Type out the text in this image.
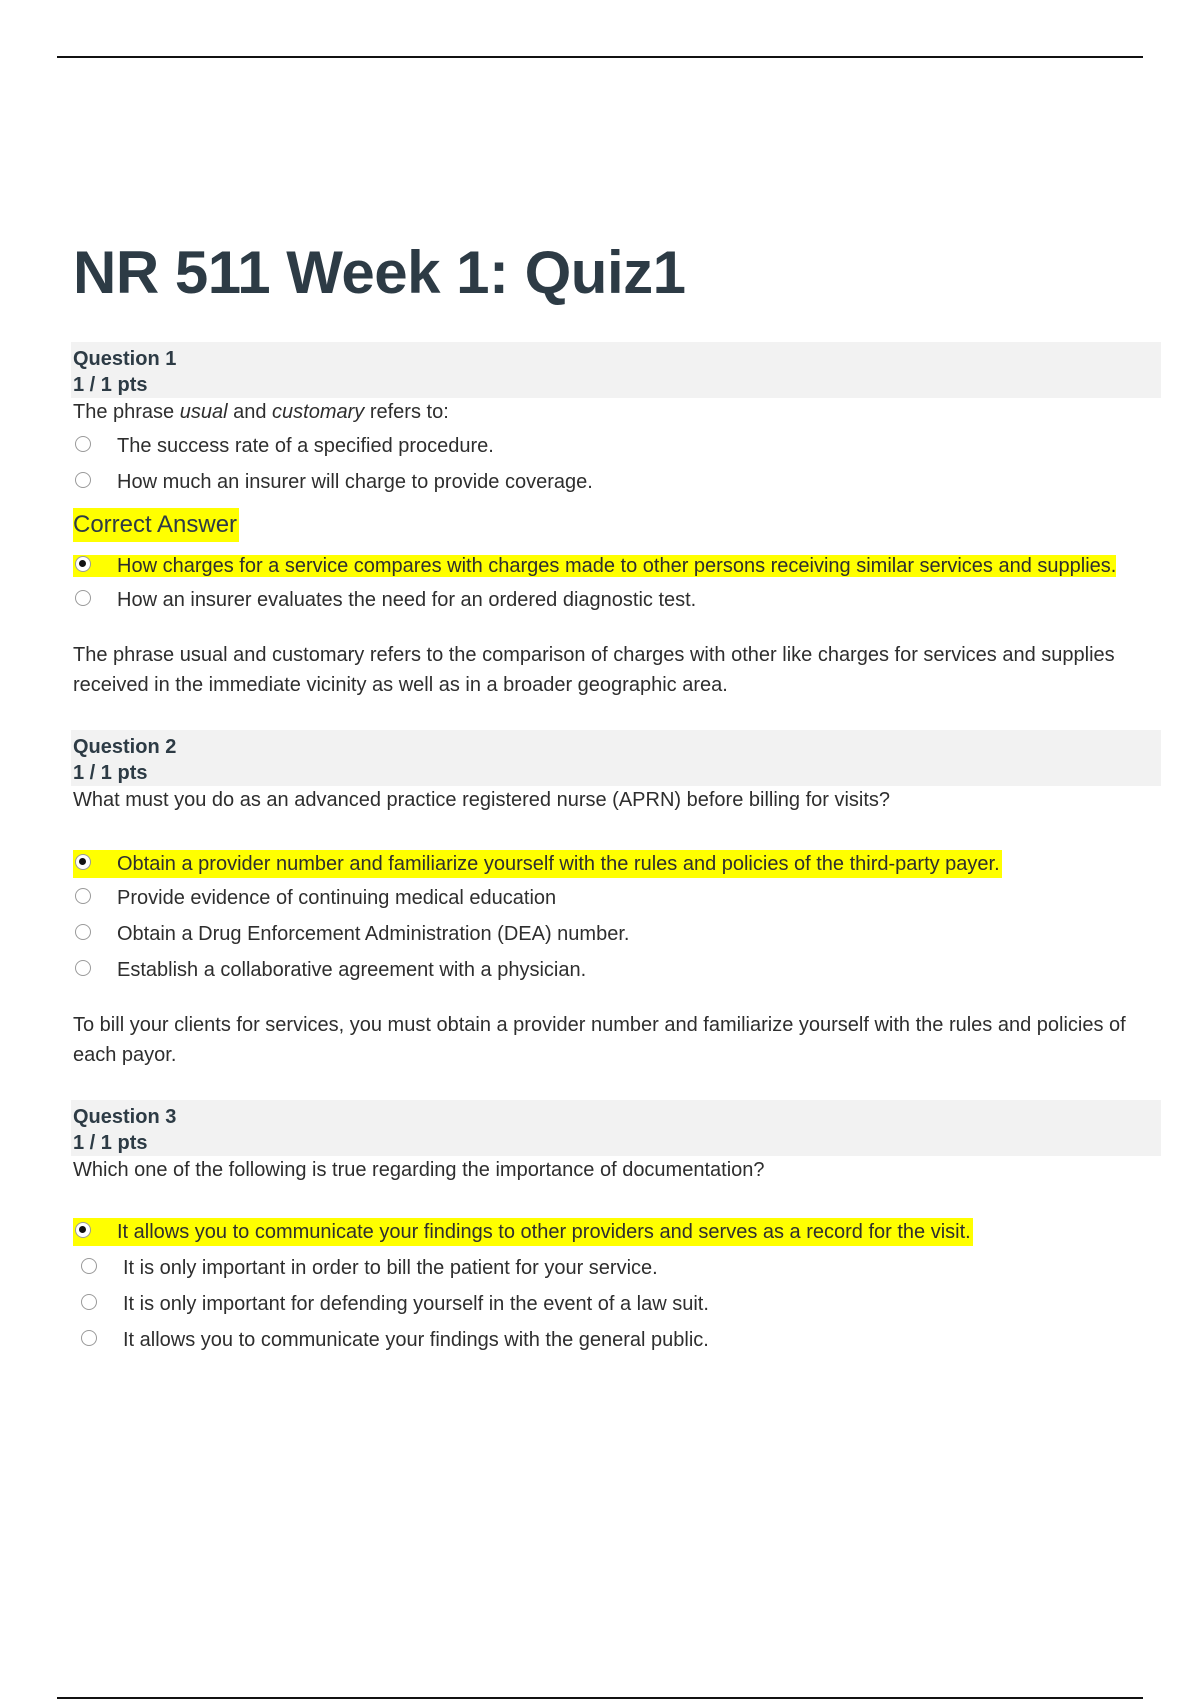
NR 511 Week 1: Quiz1
Question 1
1 / 1 pts
The phrase usual and customary refers to:
The success rate of a specified procedure.
How much an insurer will charge to provide coverage.
Correct Answer
How charges for a service compares with charges made to other persons receiving similar services and supplies.
How an insurer evaluates the need for an ordered diagnostic test.
The phrase usual and customary refers to the comparison of charges with other like charges for services and supplies received in the immediate vicinity as well as in a broader geographic area.
Question 2
1 / 1 pts
What must you do as an advanced practice registered nurse (APRN) before billing for visits?
Obtain a provider number and familiarize yourself with the rules and policies of the third-party payer.
Provide evidence of continuing medical education
Obtain a Drug Enforcement Administration (DEA) number.
Establish a collaborative agreement with a physician.
To bill your clients for services, you must obtain a provider number and familiarize yourself with the rules and policies of each payor.
Question 3
1 / 1 pts
Which one of the following is true regarding the importance of documentation?
It allows you to communicate your findings to other providers and serves as a record for the visit.
It is only important in order to bill the patient for your service.
It is only important for defending yourself in the event of a law suit.
It allows you to communicate your findings with the general public.
